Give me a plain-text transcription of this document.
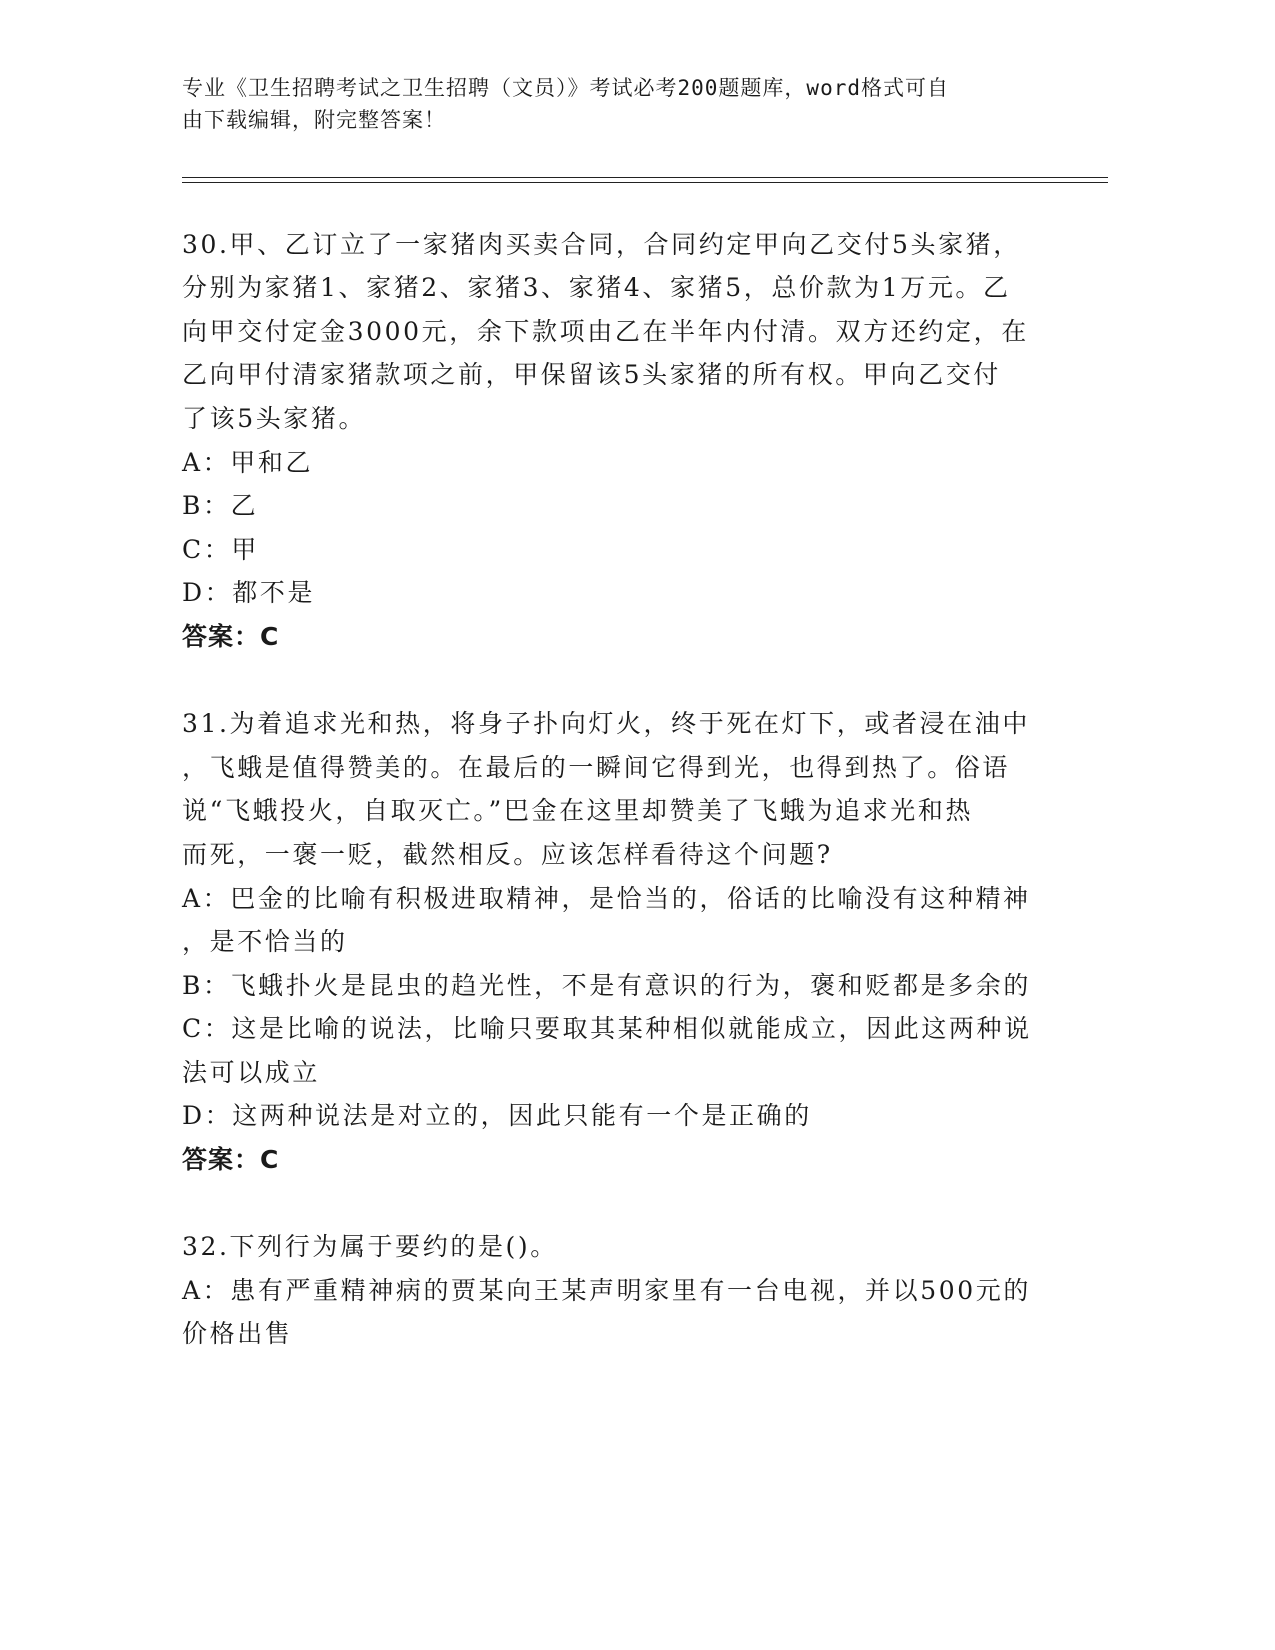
专业《卫生招聘考试之卫生招聘（文员）》考试必考200题题库，word格式可自
由下载编辑，附完整答案！
30.甲、乙订立了一家猪肉买卖合同，合同约定甲向乙交付5头家猪，
分别为家猪1、家猪2、家猪3、家猪4、家猪5，总价款为1万元。乙
向甲交付定金3000元，余下款项由乙在半年内付清。双方还约定，在
乙向甲付清家猪款项之前，甲保留该5头家猪的所有权。甲向乙交付
了该5头家猪。
A：甲和乙
B：乙
C：甲
D：都不是
答案：C
31.为着追求光和热，将身子扑向灯火，终于死在灯下，或者浸在油中
，飞蛾是值得赞美的。在最后的一瞬间它得到光，也得到热了。俗语
说“飞蛾投火，自取灭亡。”巴金在这里却赞美了飞蛾为追求光和热
而死，一褒一贬，截然相反。应该怎样看待这个问题?
A：巴金的比喻有积极进取精神，是恰当的，俗话的比喻没有这种精神
，是不恰当的
B：飞蛾扑火是昆虫的趋光性，不是有意识的行为，褒和贬都是多余的
C：这是比喻的说法，比喻只要取其某种相似就能成立，因此这两种说
法可以成立
D：这两种说法是对立的，因此只能有一个是正确的
答案：C
32.下列行为属于要约的是()。
A：患有严重精神病的贾某向王某声明家里有一台电视，并以500元的
价格出售
